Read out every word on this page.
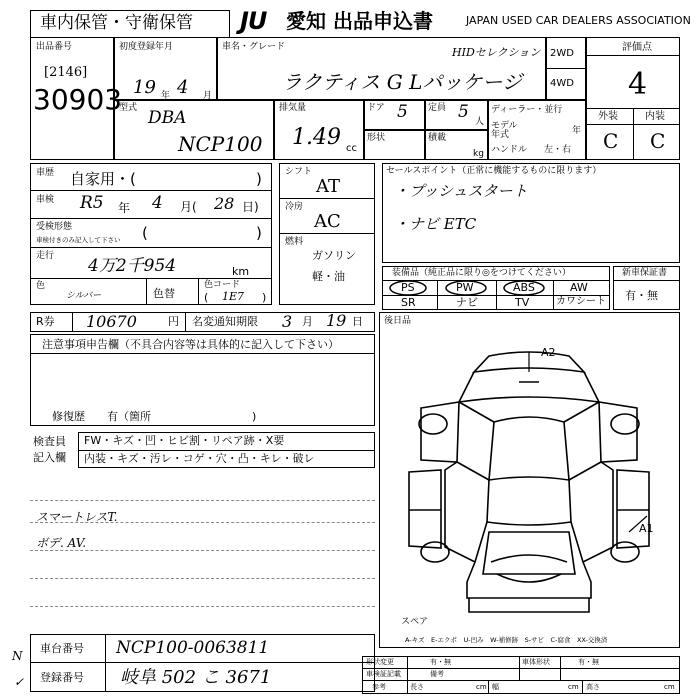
車内保管・守衛保管 JU 愛知 出品申込書	JAPAN USED CAR DEALERS ASSOCIATION
出品番号
[2146]
30903
初度登録年月
19 年 4 月
車名・グレード	HIDセレクション
ラクティス G Lパッケージ
2WD
4WD
評価点
4
外装	内装
C C
型式 DBA
NCP100
排気量
1.49 cc
ドア 5 定員 5 人
形状	積載
kg
ディーラー・並行
モデル
年式	年
ハンドル 左・右
車歴 自家用・(	)
車検 R5	4
年	月( 28 日)
受検形態
車検付きのみ記入して下さい (	)
走行 4万2千954	km
色
シルバー	色替
色コード
( 1E7 )
シフト
AT
冷房
AC
燃料
ガソリン
軽・油
セールスポイント（正常に機能するものに限ります）
・プッシュスタート
・ナビ ETC
装備品（純正品に限り◎をつけてください）
PS	PW	ABS	AW
SR	ナビ	TV	カワシート
新車保証書
有・無
R券 10670	円 名変通知期限 3 月 19 日 後日品
注意事項申告欄（不具合内容等は具体的に記入して下さい）
修復歴　　有（箇所	)
検査員
記入欄
FW・キズ・凹・ヒビ割・リペア跡・X要
内装・キズ・汚レ・コゲ・穴・凸・キレ・破レ
スマートレスT.
ボデ. AV.
A2
A1
スペア
A-キズ　E-エクボ　U-凹み　W-補修跡　S-サビ　C-腐食　XX-交換済
車台番号 NCP100-0063811
登録番号 岐阜 502 こ 3671
N
✓
形状変更	有・無	車体形状	有・無
備考
車検証記載
参考	長さ	cm 幅	cm 高さ	cm
